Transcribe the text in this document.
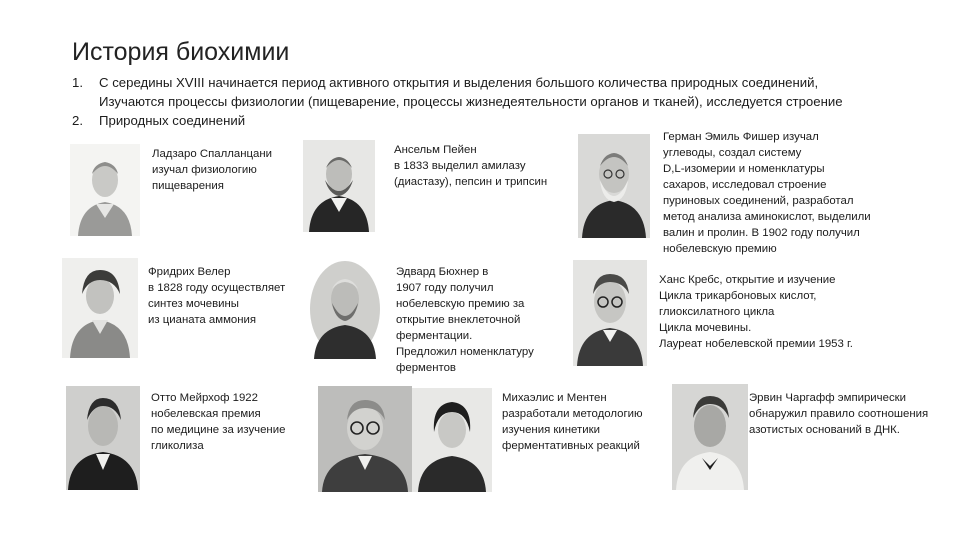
История биохимии
1. С середины XVIII начинается период активного открытия и выделения большого количества природных соединений,
Изучаются процессы физиологии (пищеварение, процессы жизнедеятельности органов и тканей), исследуется строение
2. Природных соединений
Ладзаро Спалланцани
изучал физиологию
пищеварения
Ансельм Пейен
в 1833 выделил амилазу
(диастазу), пепсин и трипсин
Герман Эмиль Фишер изучал
углеводы, создал систему
D,L-изомерии и номенклатуры
сахаров, исследовал строение
пуриновых соединений, разработал
метод анализа аминокислот, выделили
валин и пролин. В 1902 году получил
нобелевскую премию
Фридрих Велер
в 1828 году осуществляет
синтез мочевины
из цианата аммония
Эдвард Бюхнер в
1907 году получил
нобелевскую премию за
открытие внеклеточной
ферментации.
Предложил номенклатуру
ферментов
Ханс Кребс, открытие и изучение
Цикла трикарбоновых кислот,
глиоксилатного цикла
Цикла мочевины.
Лауреат нобелевской премии 1953 г.
Отто Мейрхоф 1922
нобелевская премия
по медицине за изучение
гликолиза
Михаэлис и Ментен
разработали методологию
изучения кинетики
ферментативных реакций
Эрвин Чаргафф эмпирически
обнаружил правило соотношения
азотистых оснований в ДНК.
